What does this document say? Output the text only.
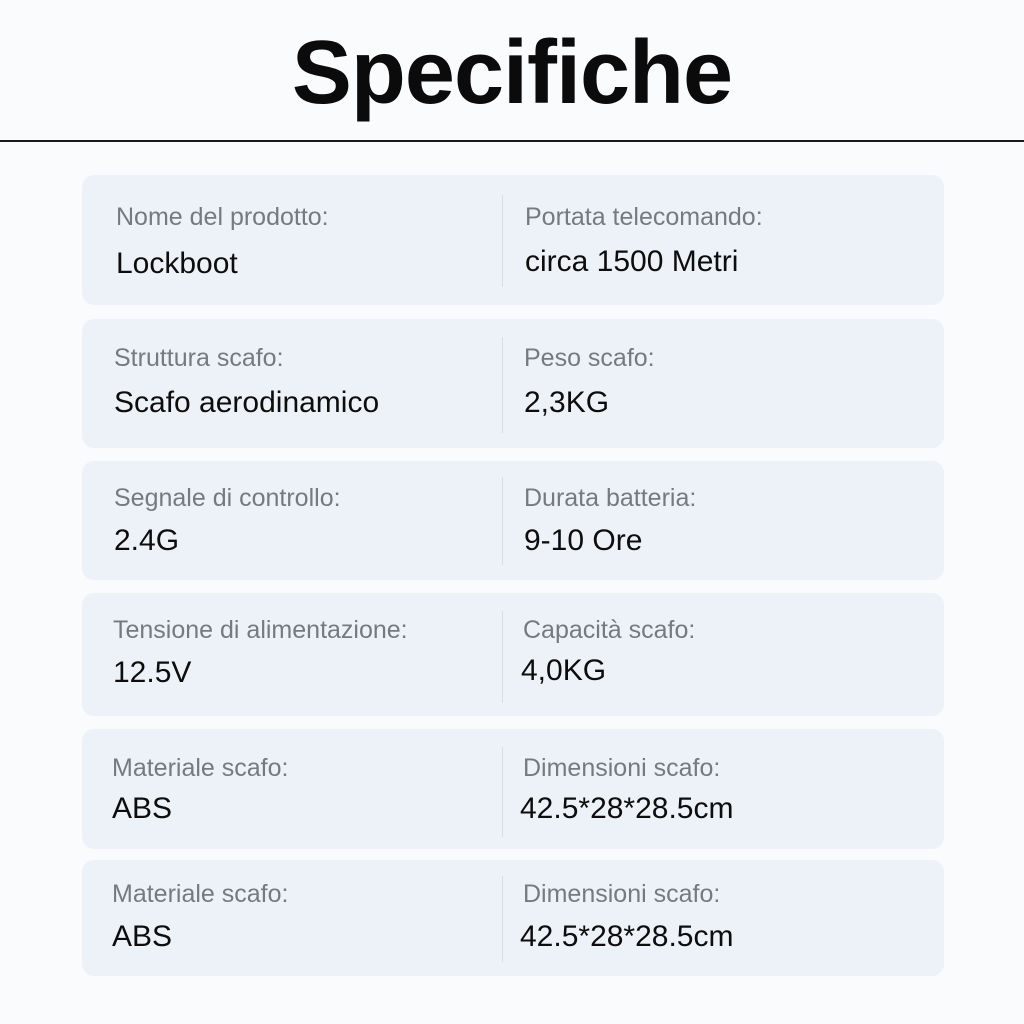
Specifiche
Nome del prodotto:
Lockboot
Portata telecomando:
circa 1500 Metri
Struttura scafo:
Scafo aerodinamico
Peso scafo:
2,3KG
Segnale di controllo:
2.4G
Durata batteria:
9-10 Ore
Tensione di alimentazione:
12.5V
Capacità scafo:
4,0KG
Materiale scafo:
ABS
Dimensioni scafo:
42.5*28*28.5cm
Materiale scafo:
ABS
Dimensioni scafo:
42.5*28*28.5cm
